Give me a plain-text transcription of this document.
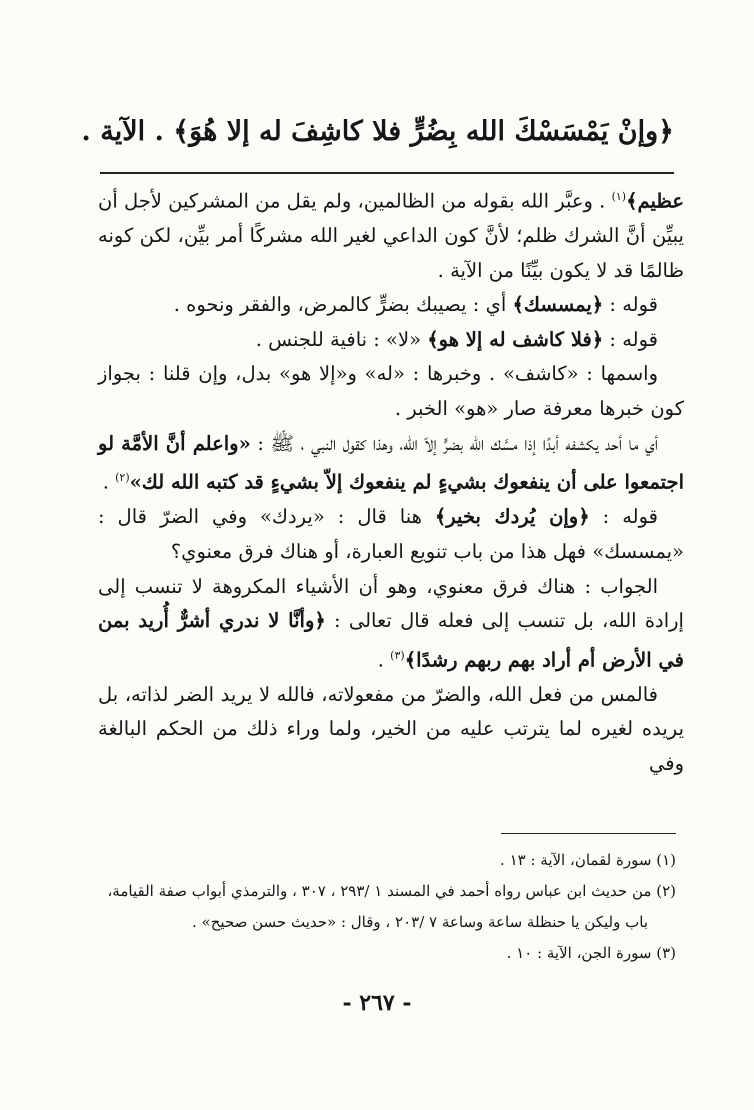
﴿وإنْ يَمْسَسْكَ الله بِضُرٍّ فلا كاشِفَ له إلا هُوَ﴾ . الآية .

عظيم﴾$^{(١)}$ . وعبَّر الله بقوله من الظالمين، ولم يقل من المشركين لأجل أن يبيِّن أنَّ الشرك ظلم؛ لأنَّ كون الداعي لغير الله مشركًا أمر بيِّن، لكن كونه ظالمًا قد لا يكون بيِّنًا من الآية .

قوله : ﴿يمسسك﴾ أي : يصيبك بضرٍّ كالمرض، والفقر ونحوه .

قوله : ﴿فلا كاشف له إلا هو﴾ «لا» : نافية للجنس .

واسمها : «كاشف» . وخبرها : «له» و«إلا هو» بدل، وإن قلنا : بجواز كون خبرها معرفة صار «هو» الخبر .

أي ما أحد يكشفه أبدًا إذا مسَّك الله بضرٍّ إلاّ الله، وهذا كقول النبي ، ﷺ : «واعلم أنَّ الأمَّة لو اجتمعوا على أن ينفعوك بشيءٍ لم ينفعوك إلاّ بشيءٍ قد كتبه الله لك»$^{(٢)}$ .

قوله : ﴿وإن يُردك بخير﴾ هنا قال : «يردك» وفي الضرّ قال : «يمسسك» فهل هذا من باب تنويع العبارة، أو هناك فرق معنوي؟

الجواب : هناك فرق معنوي، وهو أن الأشياء المكروهة لا تنسب إلى إرادة الله، بل تنسب إلى فعله قال تعالى : ﴿وأنَّا لا ندري أشرٌّ أُريد بمن في الأرض أم أراد بهم ربهم رشدًا﴾$^{(٣)}$ .

فالمس من فعل الله، والضرّ من مفعولاته، فالله لا يريد الضر لذاته، بل يريده لغيره لما يترتب عليه من الخير، ولما وراء ذلك من الحكم البالغة وفي

(١) سورة لقمان، الآية : ١٣ .

(٢) من حديث ابن عباس رواه أحمد في المسند ١ /٢٩٣ ، ٣٠٧ ، والترمذي أبواب صفة القيامة،

باب وليكن يا حنظلة ساعة وساعة ٧ /٢٠٣ ، وقال : «حديث حسن صحيح» .

(٣) سورة الجن، الآية : ١٠ .

- ٢٦٧ -
